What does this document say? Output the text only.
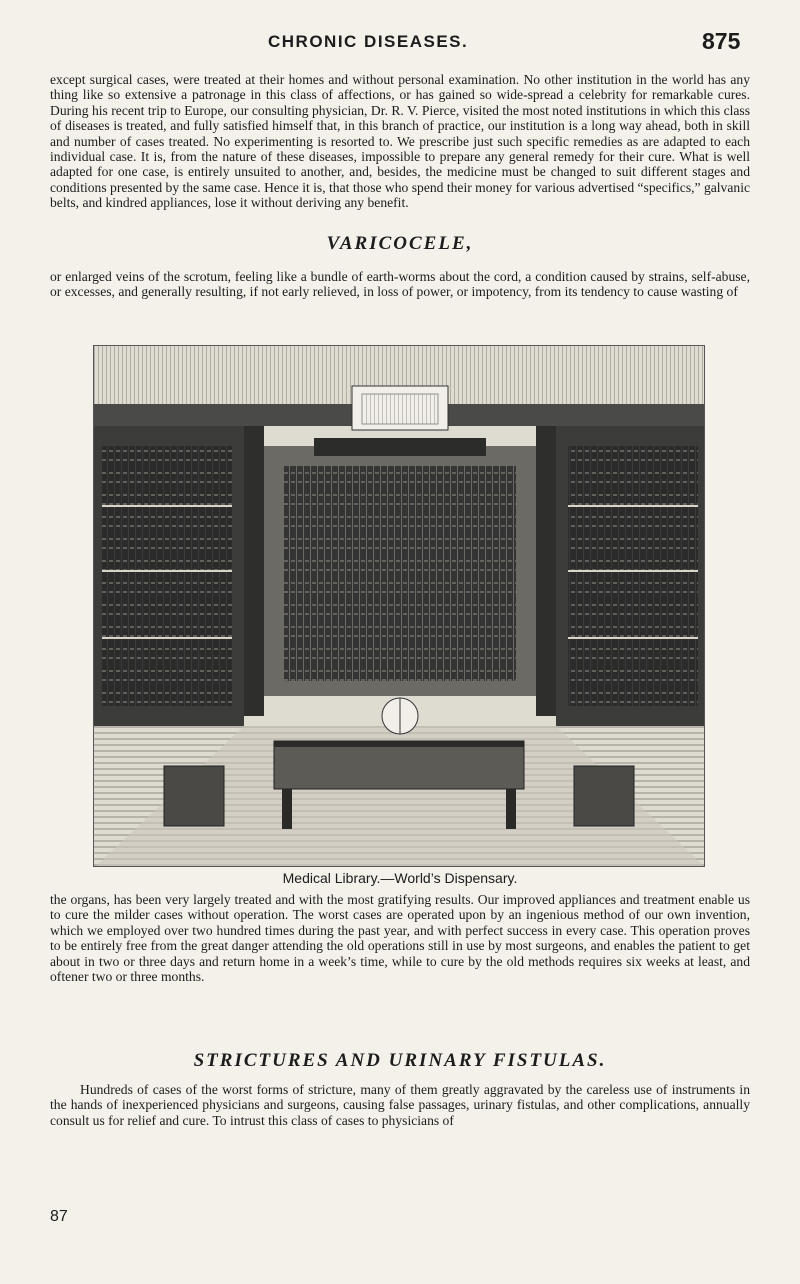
CHRONIC DISEASES.	875

except surgical cases, were treated at their homes and without personal examination. No other institution in the world has any thing like so extensive a patronage in this class of affections, or has gained so wide-spread a celebrity for remarkable cures. During his recent trip to Europe, our consulting physician, Dr. R. V. Pierce, visited the most noted institutions in which this class of diseases is treated, and fully satisfied himself that, in this branch of practice, our institution is a long way ahead, both in skill and number of cases treated. No experimenting is resorted to. We prescribe just such specific remedies as are adapted to each individual case. It is, from the nature of these diseases, impossible to prepare any general remedy for their cure. What is well adapted for one case, is entirely unsuited to another, and, besides, the medicine must be changed to suit different stages and conditions presented by the same case. Hence it is, that those who spend their money for various advertised “specifics,” galvanic belts, and kindred appliances, lose it without deriving any benefit.

VARICOCELE,

or enlarged veins of the scrotum, feeling like a bundle of earth-worms about the cord, a condition caused by strains, self-abuse, or excesses, and generally resulting, if not early relieved, in loss of power, or impotency, from its tendency to cause wasting of

Medical Library.—World’s Dispensary.

the organs, has been very largely treated and with the most gratifying results. Our improved appliances and treatment enable us to cure the milder cases without operation. The worst cases are operated upon by an ingenious method of our own invention, which we employed over two hundred times during the past year, and with perfect success in every case. This operation proves to be entirely free from the great danger attending the old operations still in use by most surgeons, and enables the patient to get about in two or three days and return home in a week’s time, while to cure by the old methods requires six weeks at least, and oftener two or three months.

STRICTURES AND URINARY FISTULAS.

Hundreds of cases of the worst forms of stricture, many of them greatly aggravated by the careless use of instruments in the hands of inexperienced physicians and surgeons, causing false passages, urinary fistulas, and other complications, annually consult us for relief and cure. To intrust this class of cases to physicians of

87
